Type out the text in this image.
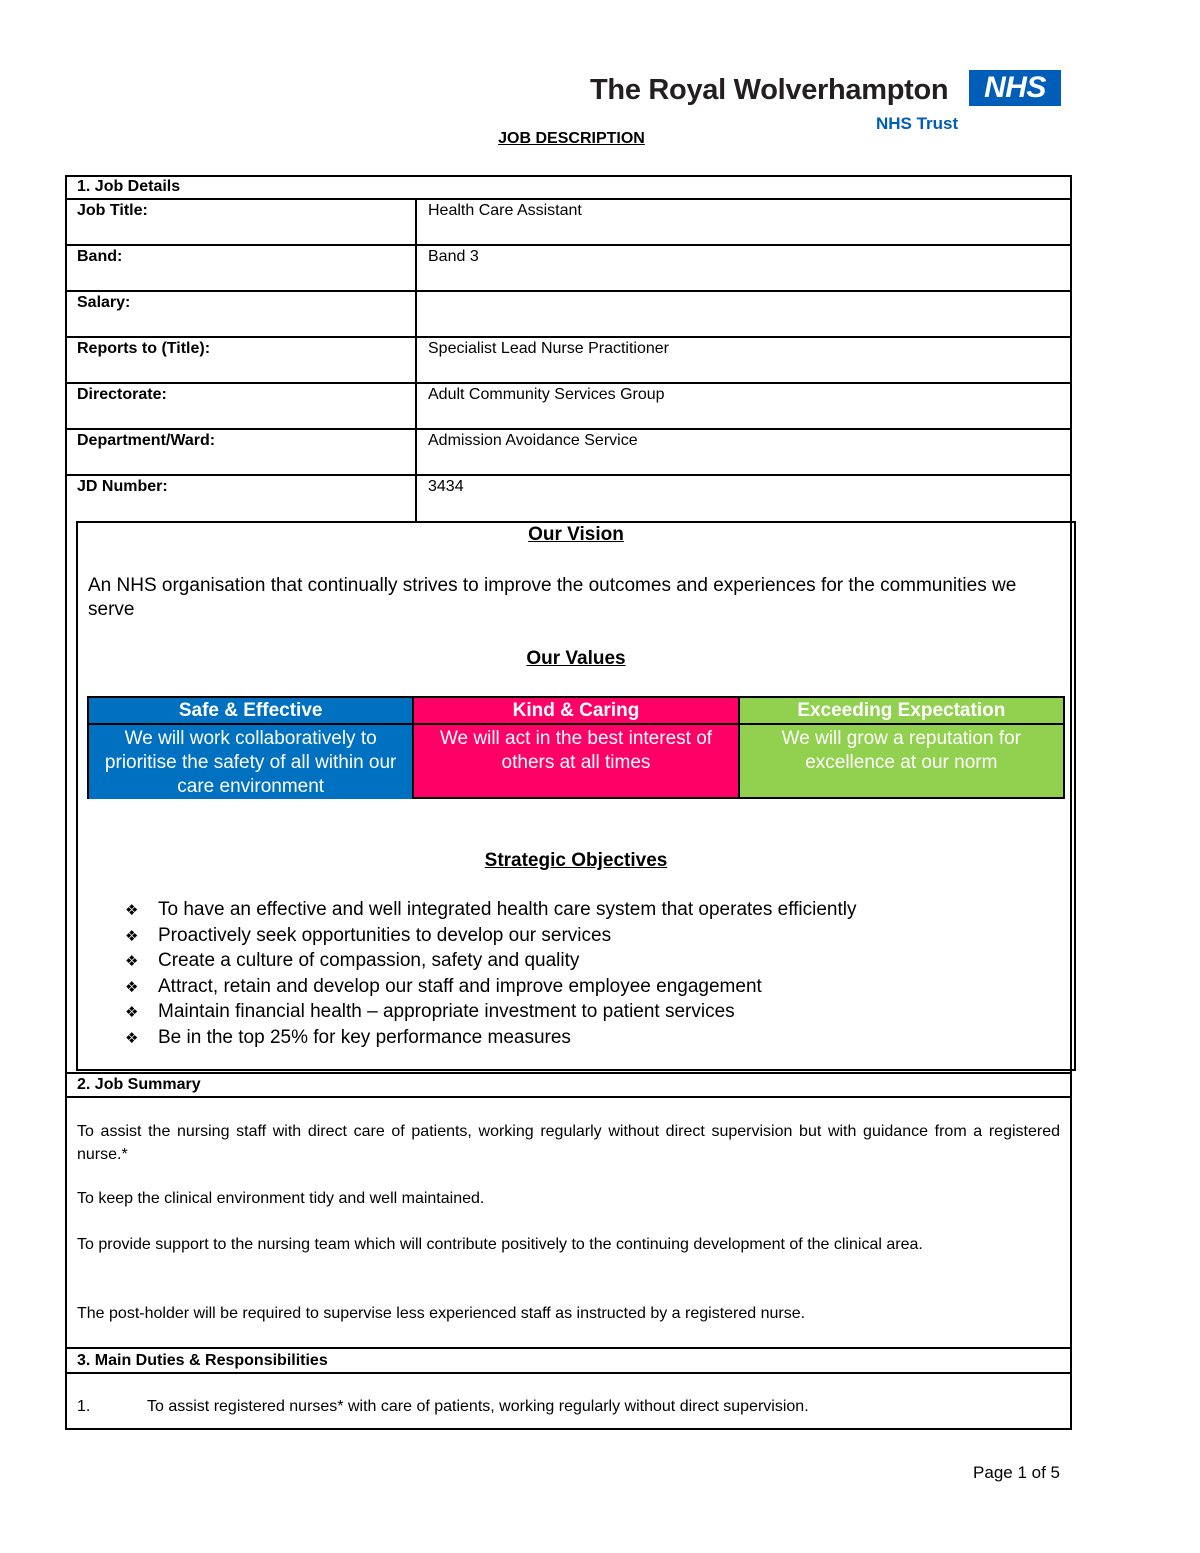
The Royal Wolverhampton	NHS
NHS Trust
JOB DESCRIPTION
1. Job Details
Job Title:	Health Care Assistant
Band:	Band 3
Salary:
Reports to (Title):	Specialist Lead Nurse Practitioner
Directorate:	Adult Community Services Group
Department/Ward:	Admission Avoidance Service
JD Number:	3434
Our Vision
An NHS organisation that continually strives to improve the outcomes and experiences for the communities we serve
Our Values
Safe & Effective
We will work collaboratively to prioritise the safety of all within our care environment
Kind & Caring
We will act in the best interest of others at all times
Exceeding Expectation
We will grow a reputation for excellence at our norm
Strategic Objectives
❖	To have an effective and well integrated health care system that operates efficiently
❖	Proactively seek opportunities to develop our services
❖	Create a culture of compassion, safety and quality
❖	Attract, retain and develop our staff and improve employee engagement
❖	Maintain financial health – appropriate investment to patient services
❖	Be in the top 25% for key performance measures
2. Job Summary
To assist the nursing staff with direct care of patients, working regularly without direct supervision but with guidance from a registered nurse.*
To keep the clinical environment tidy and well maintained.
To provide support to the nursing team which will contribute positively to the continuing development of the clinical area.
The post-holder will be required to supervise less experienced staff as instructed by a registered nurse.
3. Main Duties & Responsibilities
1.	To assist registered nurses* with care of patients, working regularly without direct supervision.
Page 1 of 5
